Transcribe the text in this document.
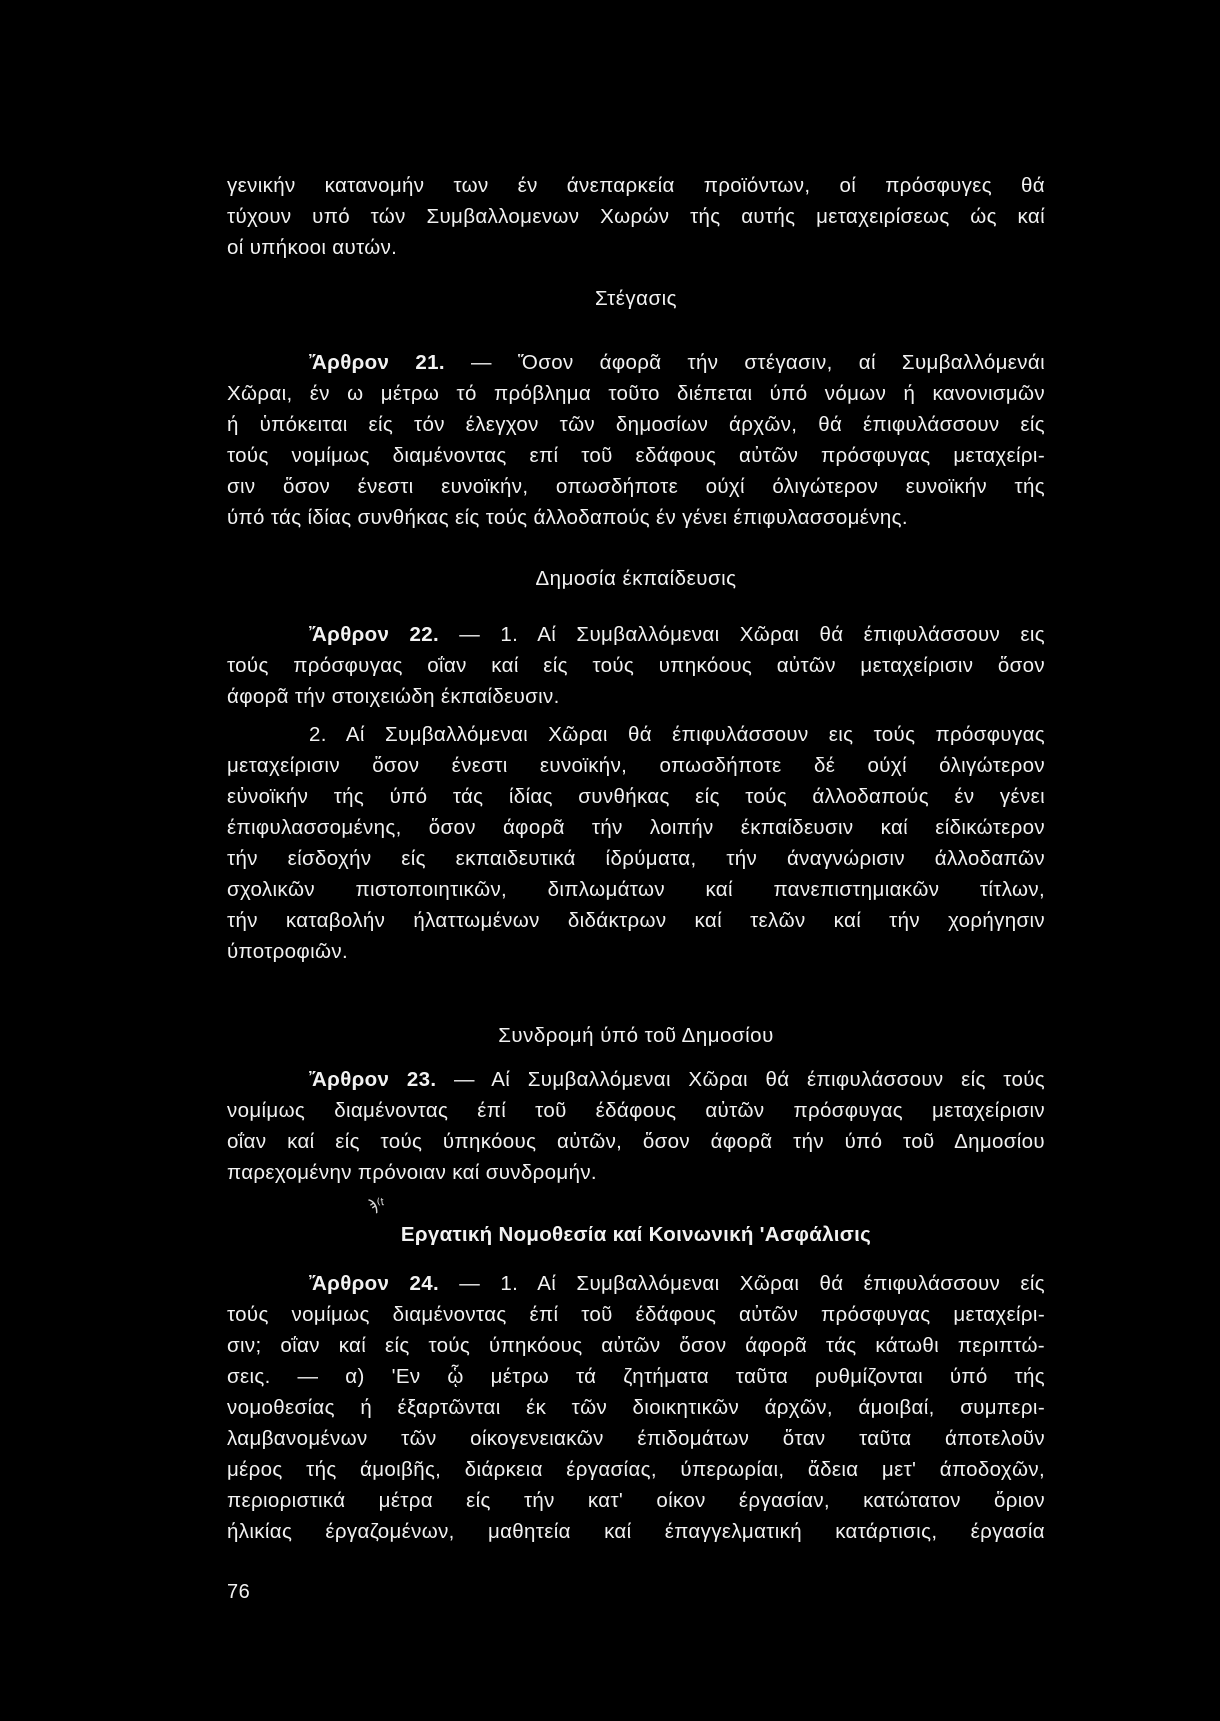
γενικήν κατανομήν των έν άνεπαρκεία προϊόντων, οί πρόσφυγες θά
τύχουν υπό τών Συμβαλλομενων Χωρών τής αυτής μεταχειρίσεως ώς καί
οί υπήκοοι αυτών.
Στέγασις
Ἄρθρον 21. — Ὅσον άφορᾶ τήν στέγασιν, αί Συμβαλλόμενάι
Χῶραι, έν ω μέτρω τό πρόβλημα τοῦτο διέπεται ύπό νόμων ή κανονισμῶν
ή ὑπόκειται είς τόν έλεγχον τῶν δημοσίων άρχῶν, θά έπιφυλάσσουν είς
τούς νομίμως διαμένοντας επί τοῦ εδάφους αὐτῶν πρόσφυγας μεταχείρι-
σιν ὅσον ένεστι ευνοϊκήν, οπωσδήποτε ούχί όλιγώτερον ευνοϊκήν τής
ύπό τάς ίδίας συνθήκας είς τούς άλλοδαπούς έν γένει έπιφυλασσομένης.
Δημοσία έκπαίδευσις
Ἄρθρον 22. — 1. Αί Συμβαλλόμεναι Χῶραι θά έπιφυλάσσουν εις
τούς πρόσφυγας οΐαν καί είς τούς υπηκόους αὐτῶν μεταχείρισιν ὅσον
άφορᾶ τήν στοιχειώδη έκπαίδευσιν.
2. Αί Συμβαλλόμεναι Χῶραι θά έπιφυλάσσουν εις τούς πρόσφυγας
μεταχείρισιν ὅσον ένεστι ευνοϊκήν, οπωσδήποτε δέ ούχί όλιγώτερον
εὐνοϊκήν τής ύπό τάς ίδίας συνθήκας είς τούς άλλοδαπούς έν γένει
έπιφυλασσομένης, ὅσον άφορᾶ τήν λοιπήν έκπαίδευσιν καί είδικώτερον
τήν είσδοχήν είς εκπαιδευτικά ίδρύματα, τήν άναγνώρισιν άλλοδαπῶν
σχολικῶν πιστοποιητικῶν, διπλωμάτων καί πανεπιστημιακῶν τίτλων,
τήν καταβολήν ήλαττωμένων διδάκτρων καί τελῶν καί τήν χορήγησιν
ύποτροφιῶν.
Συνδρομή ύπό τοῦ Δημοσίου
Ἄρθρον 23. — Αί Συμβαλλόμεναι Χῶραι θά έπιφυλάσσουν είς τούς
νομίμως διαμένοντας έπί τοῦ έδάφους αὐτῶν πρόσφυγας μεταχείρισιν
οΐαν καί είς τούς ύπηκόους αὐτῶν, ὅσον άφορᾶ τήν ύπό τοῦ Δημοσίου
παρεχομένην πρόνοιαν καί συνδρομήν.
ϡ⁽ᵗ
Εργατική Νομοθεσία καί Κοινωνική 'Ασφάλισις
Ἄρθρον 24. — 1. Αί Συμβαλλόμεναι Χῶραι θά έπιφυλάσσουν είς
τούς νομίμως διαμένοντας έπί τοῦ έδάφους αὐτῶν πρόσφυγας μεταχείρι-
σιν; οΐαν καί είς τούς ύπηκόους αὐτῶν ὅσον άφορᾶ τάς κάτωθι περιπτώ-
σεις. — α) 'Εν ᾧ μέτρω τά ζητήματα ταῦτα ρυθμίζονται ύπό τής
νομοθεσίας ή έξαρτῶνται έκ τῶν διοικητικῶν άρχῶν, άμοιβαί, συμπερι-
λαμβανομένων τῶν οίκογενειακῶν έπιδομάτων ὅταν ταῦτα άποτελοῦν
μέρος τής άμοιβῆς, διάρκεια έργασίας, ύπερωρίαι, ἄδεια μετ' άποδοχῶν,
περιοριστικά μέτρα είς τήν κατ' οίκον έργασίαν, κατώτατον ὅριον
ήλικίας έργαζομένων, μαθητεία καί έπαγγελματική κατάρτισις, έργασία
76
